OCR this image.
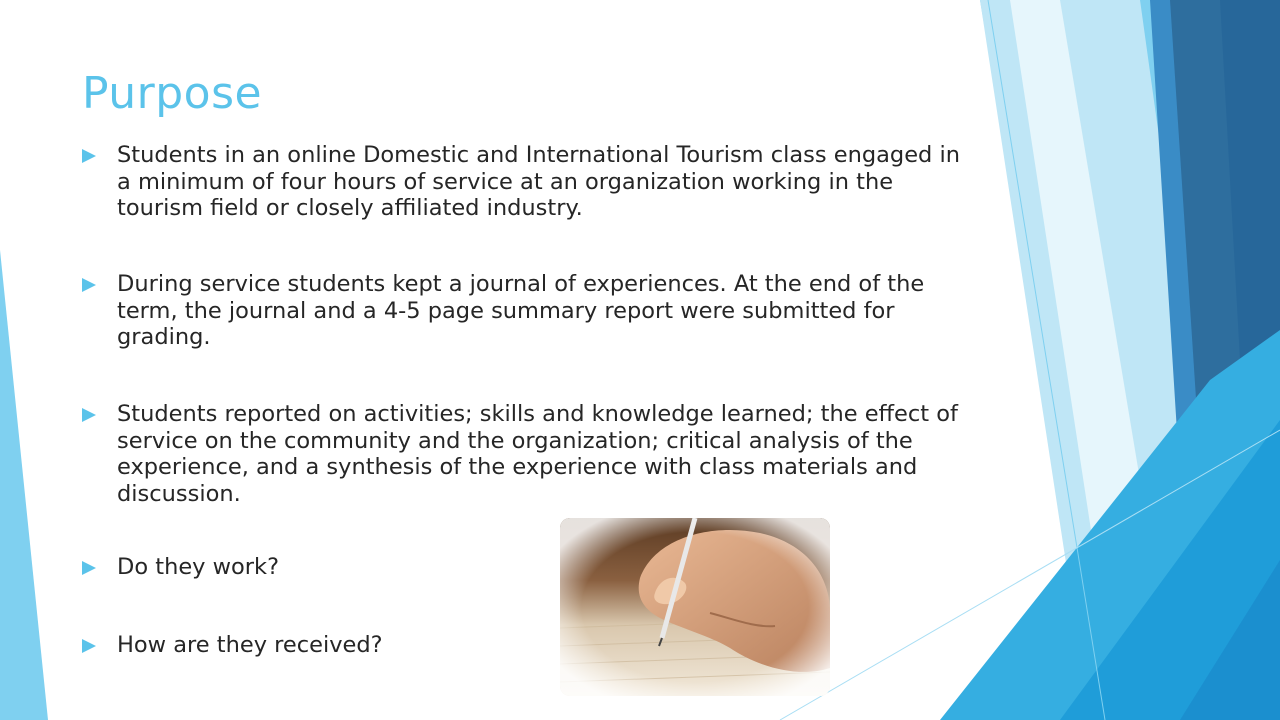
Purpose
Students in an online Domestic and International Tourism class engaged in a minimum of four hours of service at an organization working in the tourism field or closely affiliated industry.
During service students kept a journal of experiences. At the end of the term, the journal and a 4-5 page summary report were submitted for grading.
Students reported on activities; skills and knowledge learned; the effect of service on the community and the organization; critical analysis of the experience, and a synthesis of the experience with class materials and discussion.
Do they work?
How are they received?
